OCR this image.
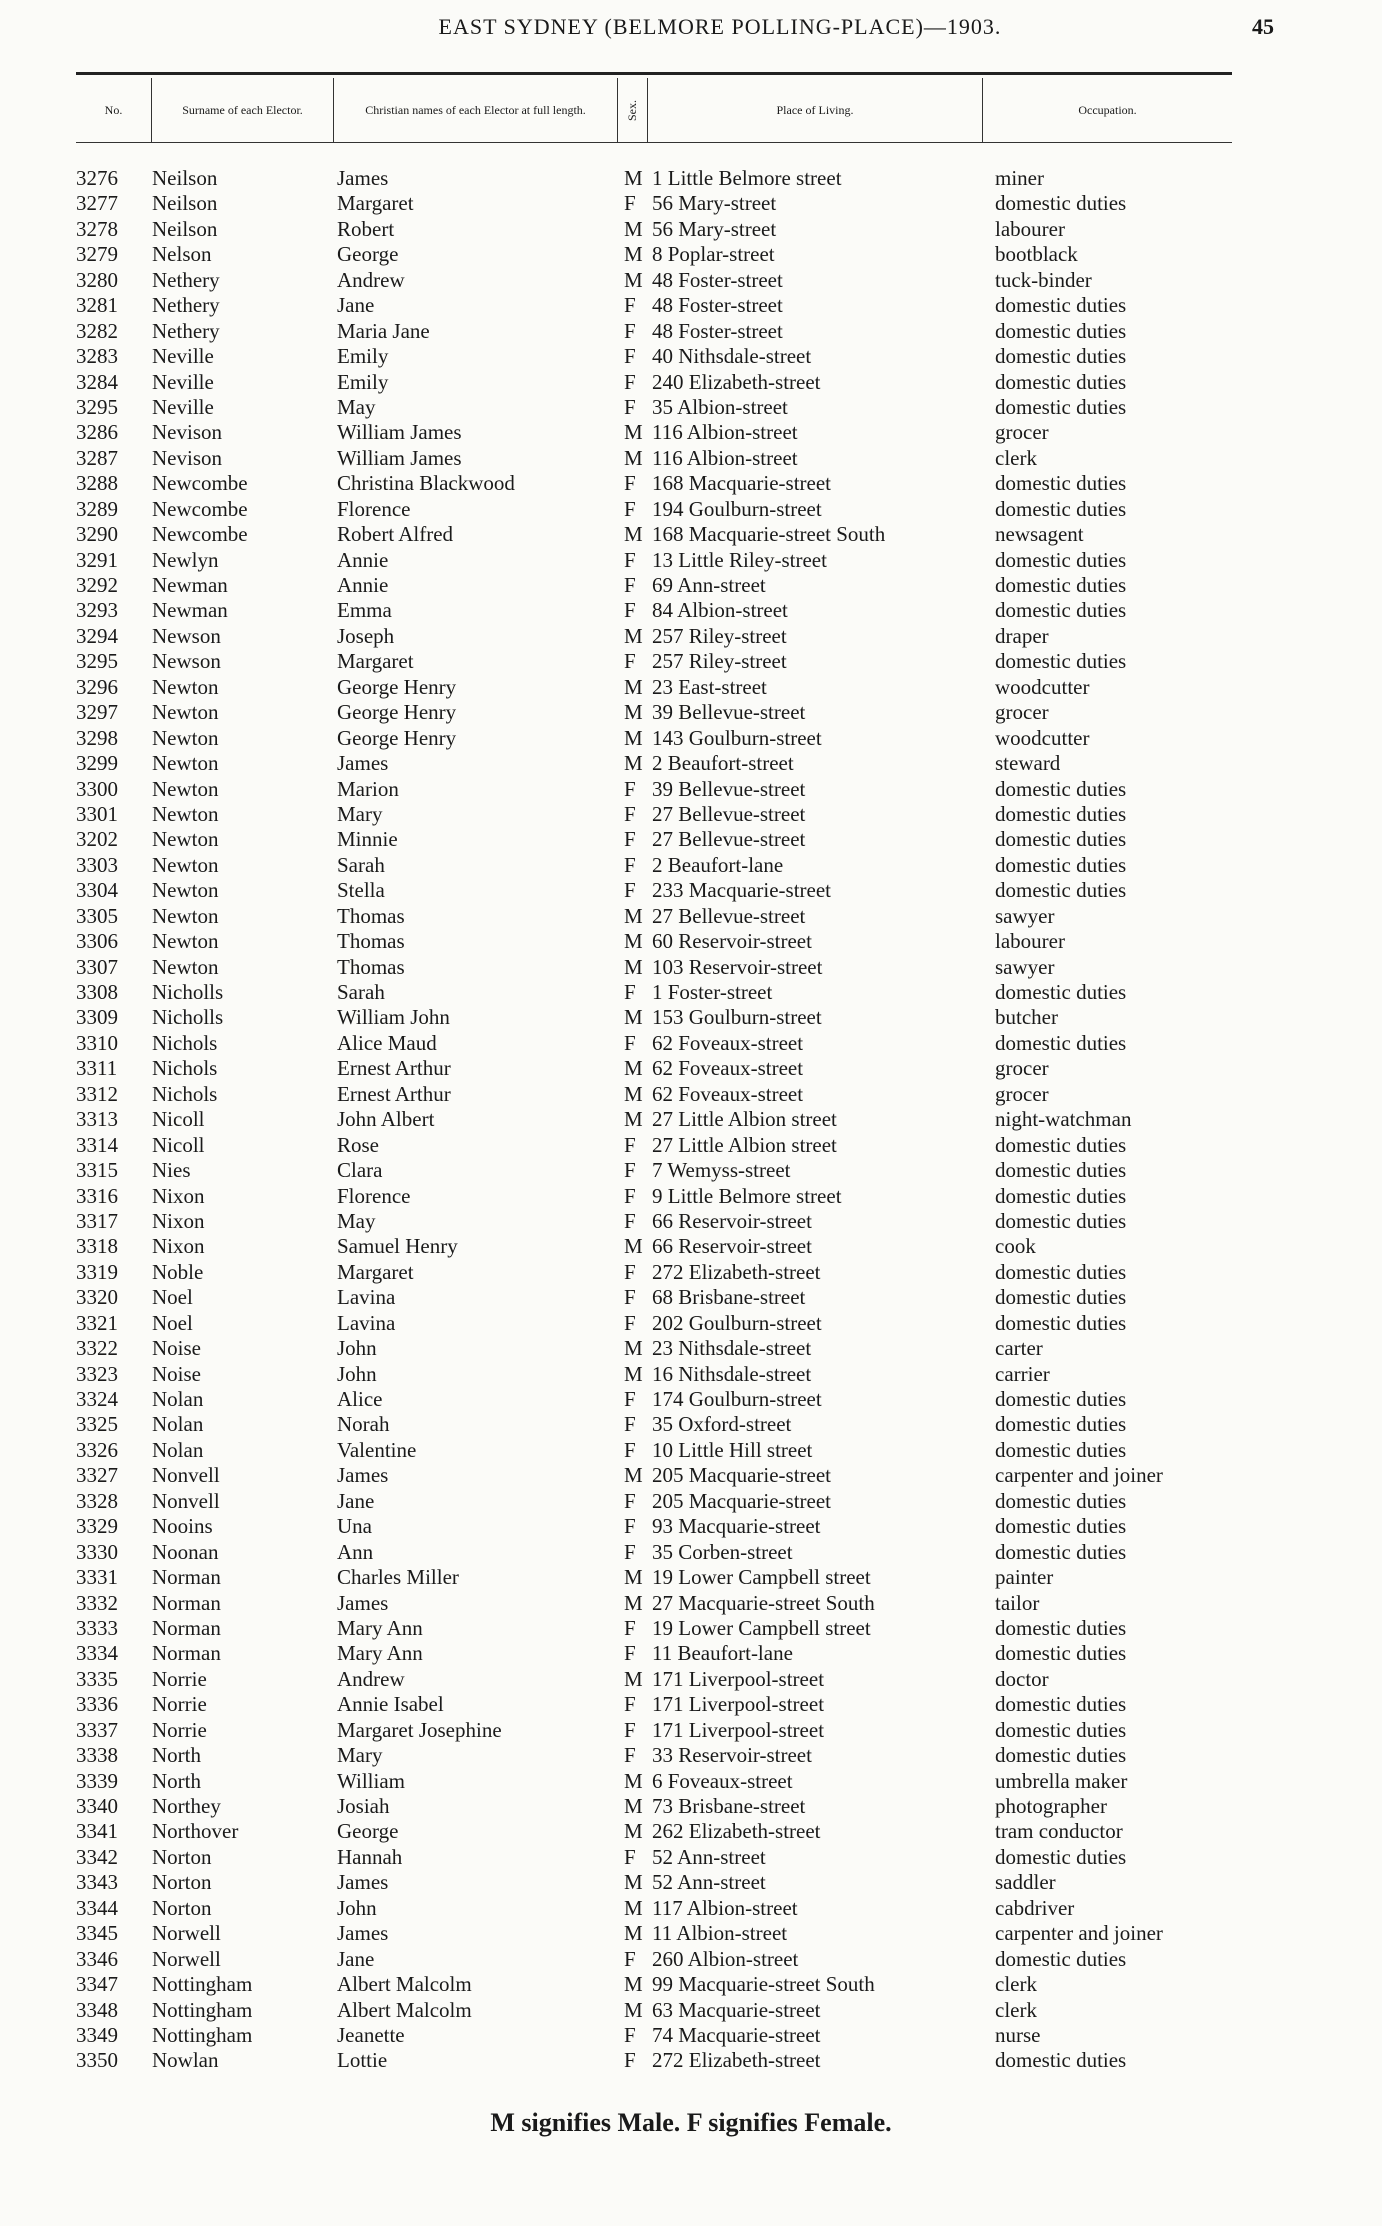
EAST SYDNEY (BELMORE POLLING-PLACE)—1903.	45
No.	Surname of each Elector.	Christian names of each Elector at full length.	Sex.	Place of Living.	Occupation.
3276 Neilson	James	M 1 Little Belmore street	miner
3277 Neilson	Margaret	F 56 Mary-street	domestic duties
3278 Neilson	Robert	M 56 Mary-street	labourer
3279 Nelson	George	M 8 Poplar-street	bootblack
3280 Nethery	Andrew	M 48 Foster-street	tuck-binder
3281 Nethery	Jane	F 48 Foster-street	domestic duties
3282 Nethery	Maria Jane	F 48 Foster-street	domestic duties
3283 Neville	Emily	F 40 Nithsdale-street	domestic duties
3284 Neville	Emily	F 240 Elizabeth-street	domestic duties
3295 Neville	May	F 35 Albion-street	domestic duties
3286 Nevison	William James	M 116 Albion-street	grocer
3287 Nevison	William James	M 116 Albion-street	clerk
3288 Newcombe	Christina Blackwood	F 168 Macquarie-street	domestic duties
3289 Newcombe	Florence	F 194 Goulburn-street	domestic duties
3290 Newcombe	Robert Alfred	M 168 Macquarie-street South	newsagent
3291 Newlyn	Annie	F 13 Little Riley-street	domestic duties
3292 Newman	Annie	F 69 Ann-street	domestic duties
3293 Newman	Emma	F 84 Albion-street	domestic duties
3294 Newson	Joseph	M 257 Riley-street	draper
3295 Newson	Margaret	F 257 Riley-street	domestic duties
3296 Newton	George Henry	M 23 East-street	woodcutter
3297 Newton	George Henry	M 39 Bellevue-street	grocer
3298 Newton	George Henry	M 143 Goulburn-street	woodcutter
3299 Newton	James	M 2 Beaufort-street	steward
3300 Newton	Marion	F 39 Bellevue-street	domestic duties
3301 Newton	Mary	F 27 Bellevue-street	domestic duties
3202 Newton	Minnie	F 27 Bellevue-street	domestic duties
3303 Newton	Sarah	F 2 Beaufort-lane	domestic duties
3304 Newton	Stella	F 233 Macquarie-street	domestic duties
3305 Newton	Thomas	M 27 Bellevue-street	sawyer
3306 Newton	Thomas	M 60 Reservoir-street	labourer
3307 Newton	Thomas	M 103 Reservoir-street	sawyer
3308 Nicholls	Sarah	F 1 Foster-street	domestic duties
3309 Nicholls	William John	M 153 Goulburn-street	butcher
3310 Nichols	Alice Maud	F 62 Foveaux-street	domestic duties
3311 Nichols	Ernest Arthur	M 62 Foveaux-street	grocer
3312 Nichols	Ernest Arthur	M 62 Foveaux-street	grocer
3313 Nicoll	John Albert	M 27 Little Albion street	night-watchman
3314 Nicoll	Rose	F 27 Little Albion street	domestic duties
3315 Nies	Clara	F 7 Wemyss-street	domestic duties
3316 Nixon	Florence	F 9 Little Belmore street	domestic duties
3317 Nixon	May	F 66 Reservoir-street	domestic duties
3318 Nixon	Samuel Henry	M 66 Reservoir-street	cook
3319 Noble	Margaret	F 272 Elizabeth-street	domestic duties
3320 Noel	Lavina	F 68 Brisbane-street	domestic duties
3321 Noel	Lavina	F 202 Goulburn-street	domestic duties
3322 Noise	John	M 23 Nithsdale-street	carter
3323 Noise	John	M 16 Nithsdale-street	carrier
3324 Nolan	Alice	F 174 Goulburn-street	domestic duties
3325 Nolan	Norah	F 35 Oxford-street	domestic duties
3326 Nolan	Valentine	F 10 Little Hill street	domestic duties
3327 Nonvell	James	M 205 Macquarie-street	carpenter and joiner
3328 Nonvell	Jane	F 205 Macquarie-street	domestic duties
3329 Nooins	Una	F 93 Macquarie-street	domestic duties
3330 Noonan	Ann	F 35 Corben-street	domestic duties
3331 Norman	Charles Miller	M 19 Lower Campbell street	painter
3332 Norman	James	M 27 Macquarie-street South	tailor
3333 Norman	Mary Ann	F 19 Lower Campbell street	domestic duties
3334 Norman	Mary Ann	F 11 Beaufort-lane	domestic duties
3335 Norrie	Andrew	M 171 Liverpool-street	doctor
3336 Norrie	Annie Isabel	F 171 Liverpool-street	domestic duties
3337 Norrie	Margaret Josephine	F 171 Liverpool-street	domestic duties
3338 North	Mary	F 33 Reservoir-street	domestic duties
3339 North	William	M 6 Foveaux-street	umbrella maker
3340 Northey	Josiah	M 73 Brisbane-street	photographer
3341 Northover	George	M 262 Elizabeth-street	tram conductor
3342 Norton	Hannah	F 52 Ann-street	domestic duties
3343 Norton	James	M 52 Ann-street	saddler
3344 Norton	John	M 117 Albion-street	cabdriver
3345 Norwell	James	M 11 Albion-street	carpenter and joiner
3346 Norwell	Jane	F 260 Albion-street	domestic duties
3347 Nottingham	Albert Malcolm	M 99 Macquarie-street South	clerk
3348 Nottingham	Albert Malcolm	M 63 Macquarie-street	clerk
3349 Nottingham	Jeanette	F 74 Macquarie-street	nurse
3350 Nowlan	Lottie	F 272 Elizabeth-street	domestic duties
M signifies Male. F signifies Female.
